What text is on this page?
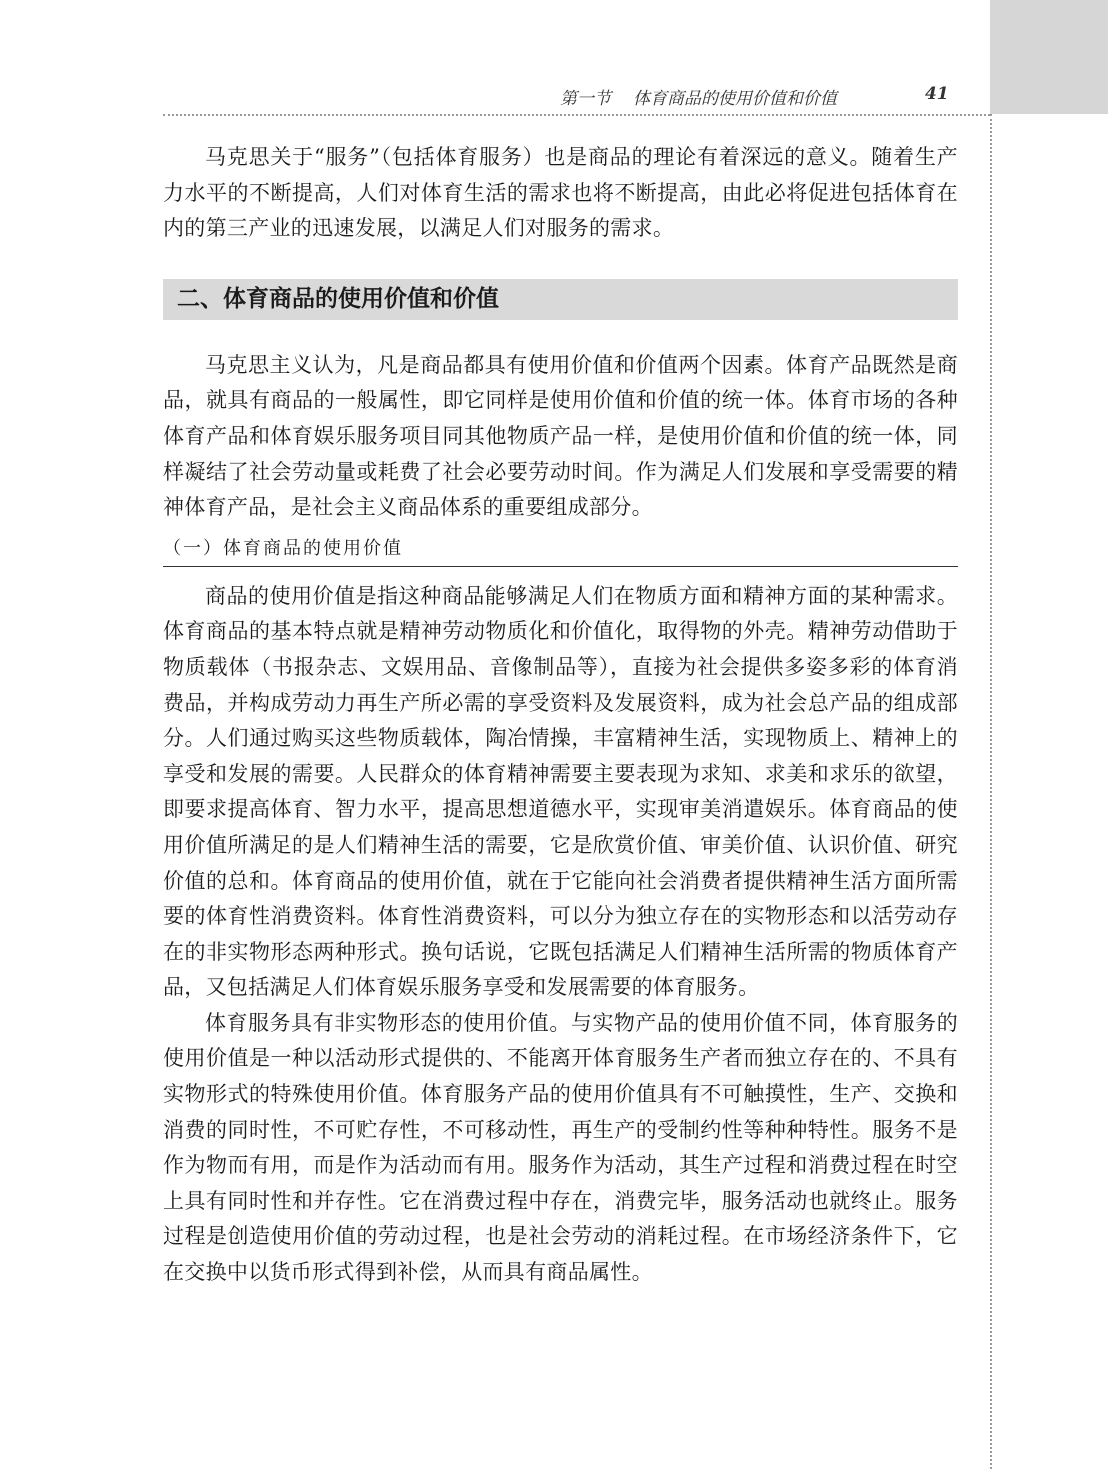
第一节 体育商品的使用价值和价值	41

马克思关于“服务”（包括体育服务）也是商品的理论有着深远的意义。随着生产力水平的不断提高，人们对体育生活的需求也将不断提高，由此必将促进包括体育在内的第三产业的迅速发展，以满足人们对服务的需求。

二、体育商品的使用价值和价值

马克思主义认为，凡是商品都具有使用价值和价值两个因素。体育产品既然是商品，就具有商品的一般属性，即它同样是使用价值和价值的统一体。体育市场的各种体育产品和体育娱乐服务项目同其他物质产品一样，是使用价值和价值的统一体，同样凝结了社会劳动量或耗费了社会必要劳动时间。作为满足人们发展和享受需要的精神体育产品，是社会主义商品体系的重要组成部分。

（一）体育商品的使用价值

商品的使用价值是指这种商品能够满足人们在物质方面和精神方面的某种需求。体育商品的基本特点就是精神劳动物质化和价值化，取得物的外壳。精神劳动借助于物质载体（书报杂志、文娱用品、音像制品等），直接为社会提供多姿多彩的体育消费品，并构成劳动力再生产所必需的享受资料及发展资料，成为社会总产品的组成部分。人们通过购买这些物质载体，陶冶情操，丰富精神生活，实现物质上、精神上的享受和发展的需要。人民群众的体育精神需要主要表现为求知、求美和求乐的欲望，即要求提高体育、智力水平，提高思想道德水平，实现审美消遣娱乐。体育商品的使用价值所满足的是人们精神生活的需要，它是欣赏价值、审美价值、认识价值、研究价值的总和。体育商品的使用价值，就在于它能向社会消费者提供精神生活方面所需要的体育性消费资料。体育性消费资料，可以分为独立存在的实物形态和以活劳动存在的非实物形态两种形式。换句话说，它既包括满足人们精神生活所需的物质体育产品，又包括满足人们体育娱乐服务享受和发展需要的体育服务。

体育服务具有非实物形态的使用价值。与实物产品的使用价值不同，体育服务的使用价值是一种以活动形式提供的、不能离开体育服务生产者而独立存在的、不具有实物形式的特殊使用价值。体育服务产品的使用价值具有不可触摸性，生产、交换和消费的同时性，不可贮存性，不可移动性，再生产的受制约性等种种特性。服务不是作为物而有用，而是作为活动而有用。服务作为活动，其生产过程和消费过程在时空上具有同时性和并存性。它在消费过程中存在，消费完毕，服务活动也就终止。服务过程是创造使用价值的劳动过程，也是社会劳动的消耗过程。在市场经济条件下，它在交换中以货币形式得到补偿，从而具有商品属性。
